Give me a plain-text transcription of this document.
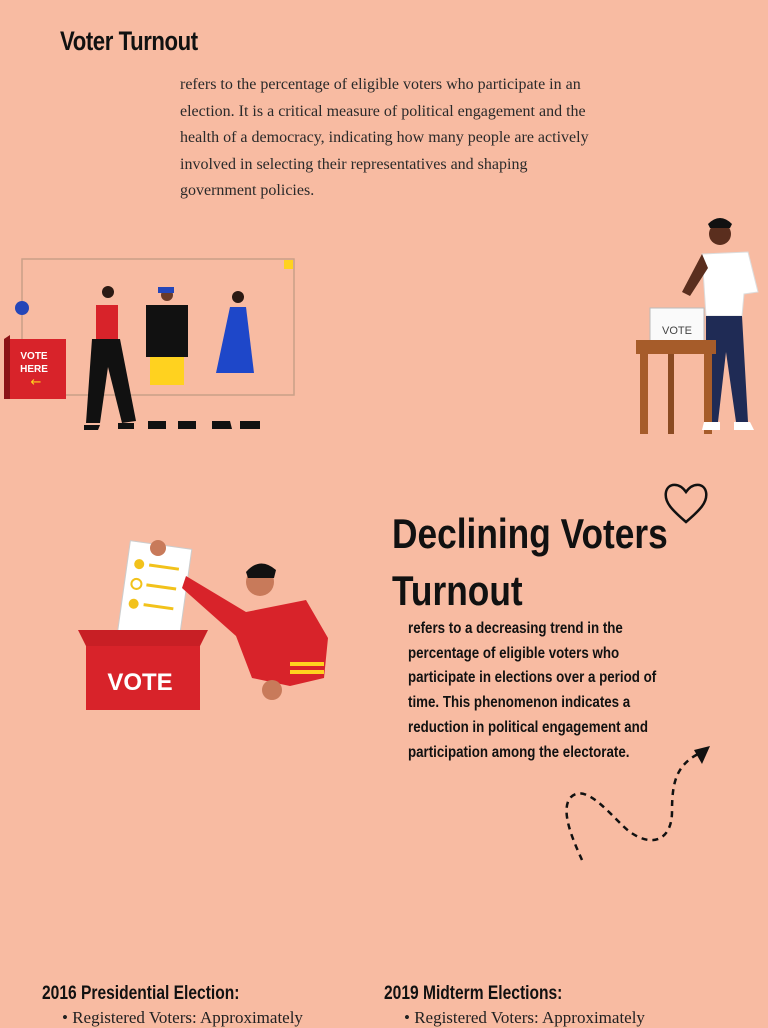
Voter Turnout
refers to the percentage of eligible voters who participate in an election. It is a critical measure of political engagement and the health of a democracy, indicating how many people are actively involved in selecting their representatives and shaping government policies.
VOTE
HERE
←
VOTE
VOTE
Declining Voters Turnout
refers to a decreasing trend in the percentage of eligible voters who participate in elections over a period of time. This phenomenon indicates a reduction in political engagement and participation among the electorate.
2016 Presidential Election:
• Registered Voters: Approximately
2019 Midterm Elections:
• Registered Voters: Approximately
